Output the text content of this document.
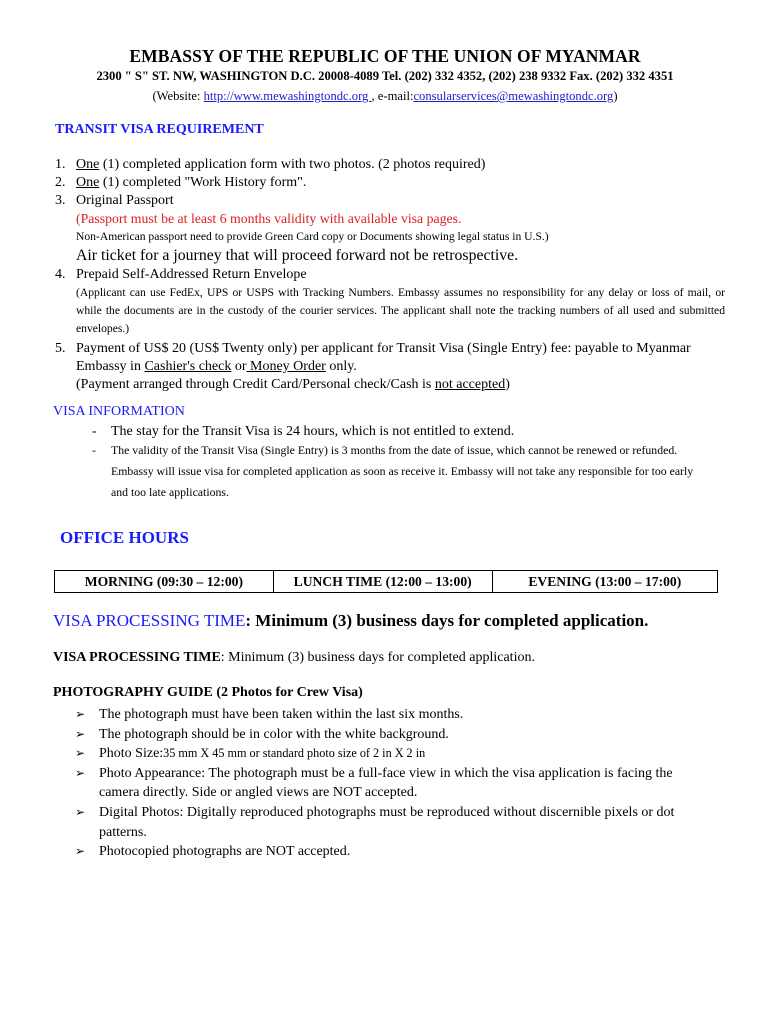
EMBASSY OF THE REPUBLIC OF THE UNION OF MYANMAR
2300 " S" ST. NW, WASHINGTON D.C. 20008-4089 Tel. (202) 332 4352, (202) 238 9332 Fax. (202) 332 4351
(Website: http://www.mewashingtondc.org , e-mail:consularservices@mewashingtondc.org)
TRANSIT VISA REQUIREMENT
1. One (1) completed application form with two photos. (2 photos required)
2. One (1) completed "Work History form".
3. Original Passport
(Passport must be at least 6 months validity with available visa pages.
Non-American passport need to provide Green Card copy or Documents showing legal status in U.S.)
Air ticket for a journey that will proceed forward not be retrospective.
4. Prepaid Self-Addressed Return Envelope
(Applicant can use FedEx, UPS or USPS with Tracking Numbers. Embassy assumes no responsibility for any delay or loss of mail, or while the documents are in the custody of the courier services. The applicant shall note the tracking numbers of all used and submitted envelopes.)
5. Payment of US$ 20 (US$ Twenty only) per applicant for Transit Visa (Single Entry) fee: payable to Myanmar Embassy in Cashier's check or Money Order only.
(Payment arranged through Credit Card/Personal check/Cash is not accepted)
VISA INFORMATION
- The stay for the Transit Visa is 24 hours, which is not entitled to extend.
- The validity of the Transit Visa (Single Entry) is 3 months from the date of issue, which cannot be renewed or refunded. Embassy will issue visa for completed application as soon as receive it. Embassy will not take any responsible for too early and too late applications.
OFFICE HOURS
MORNING (09:30 – 12:00)	LUNCH TIME (12:00 – 13:00)	EVENING (13:00 – 17:00)
VISA PROCESSING TIME: Minimum (3) business days for completed application.
VISA PROCESSING TIME: Minimum (3) business days for completed application.
PHOTOGRAPHY GUIDE (2 Photos for Crew Visa)
➢ The photograph must have been taken within the last six months.
➢ The photograph should be in color with the white background.
➢ Photo Size:35 mm X 45 mm or standard photo size of 2 in X 2 in
➢ Photo Appearance: The photograph must be a full-face view in which the visa application is facing the camera directly. Side or angled views are NOT accepted.
➢ Digital Photos: Digitally reproduced photographs must be reproduced without discernible pixels or dot patterns.
➢ Photocopied photographs are NOT accepted.
